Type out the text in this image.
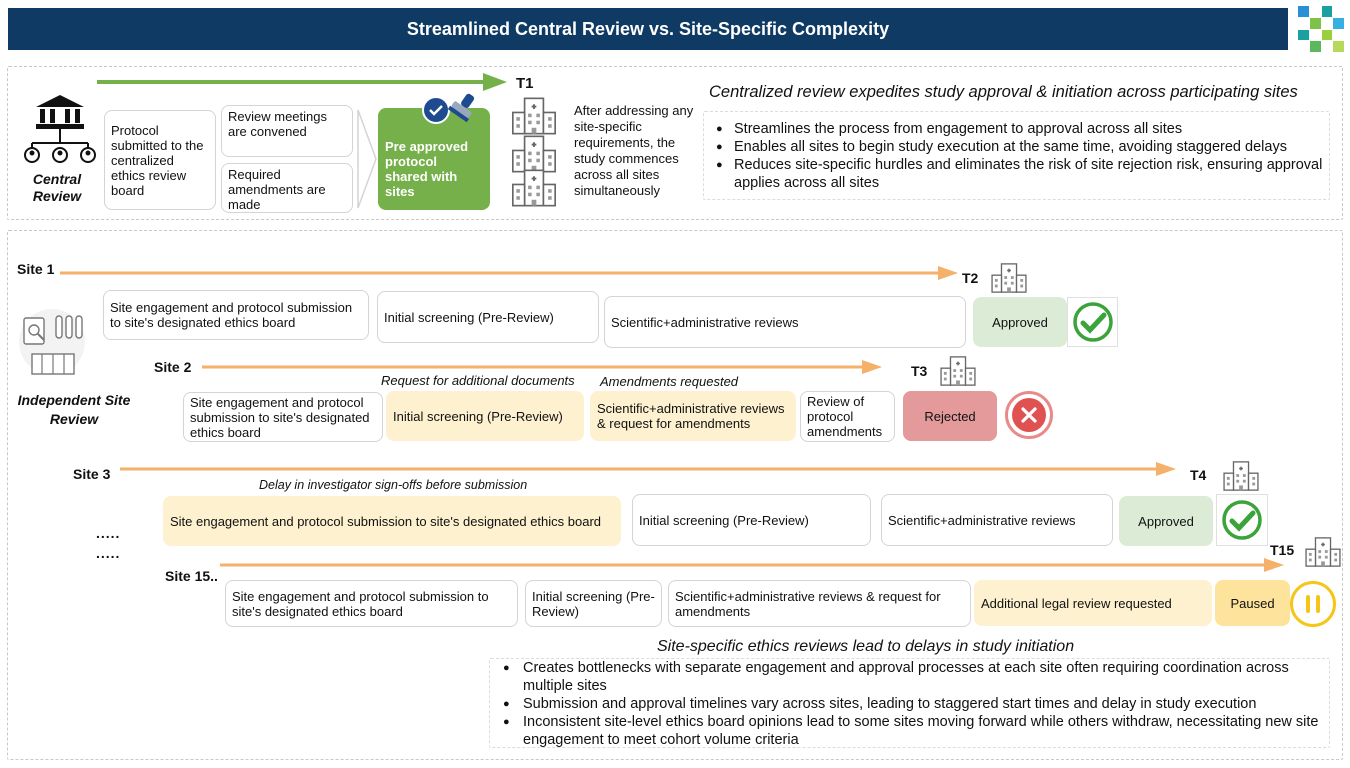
Streamlined Central Review vs. Site-Specific Complexity
T1
Central Review
Protocol submitted to the centralized ethics review board
Review meetings are convened
Required amendments are made
Pre approved protocol shared with sites
After addressing any site-specific requirements, the study commences across all sites simultaneously
Centralized review expedites study approval & initiation across participating sites
● Streamlines the process from engagement to approval across all sites
● Enables all sites to begin study execution at the same time, avoiding staggered delays
● Reduces site-specific hurdles and eliminates the risk of site rejection risk, ensuring approval applies across all sites
Independent Site Review
.....
.....
Site 1
T2
Site engagement and protocol submission to site's designated ethics board	Initial screening (Pre-Review)	Scientific+administrative reviews	Approved
Site 2	T3
Request for additional documents Amendments requested
Site engagement and protocol submission to site's designated ethics board
Initial screening (Pre-Review)	Scientific+administrative reviews & request for amendments
Review of protocol amendments
Rejected
Site 3	T4
Delay in investigator sign-offs before submission
Site engagement and protocol submission to site's designated ethics board	Initial screening (Pre-Review)	Scientific+administrative reviews	Approved
Site 15..
T15
Site engagement and protocol submission to site's designated ethics board
Initial screening (Pre-Review)
Scientific+administrative reviews & request for amendments
Additional legal review requested	Paused
Site-specific ethics reviews lead to delays in study initiation
● Creates bottlenecks with separate engagement and approval processes at each site often requiring coordination across multiple sites
● Submission and approval timelines vary across sites, leading to staggered start times and delay in study execution
● Inconsistent site-level ethics board opinions lead to some sites moving forward while others withdraw, necessitating new site engagement to meet cohort volume criteria
